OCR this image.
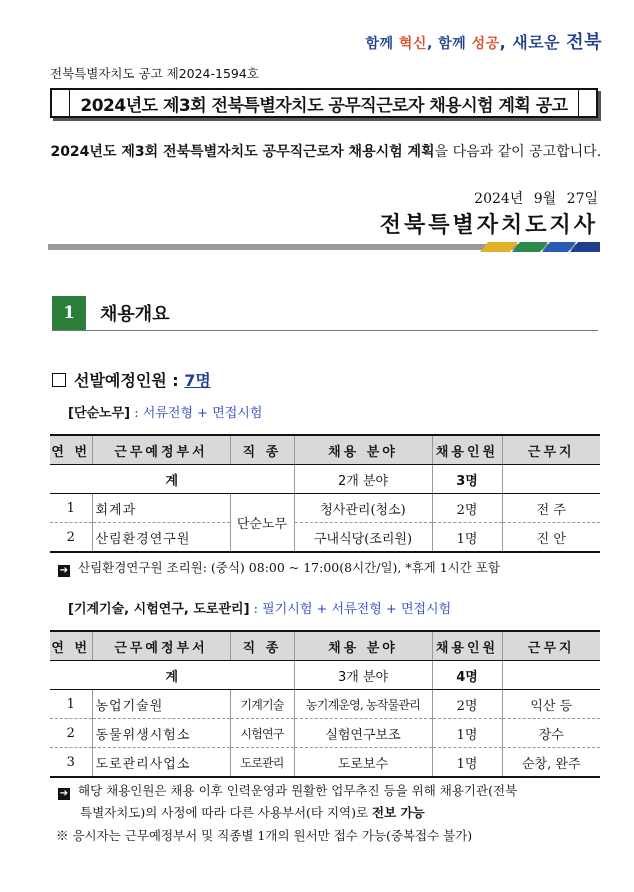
함께 혁신, 함께 성공, 새로운 전북
전북특별자치도 공고 제2024-1594호
2024년도 제3회 전북특별자치도 공무직근로자 채용시험 계획 공고
2024년도 제3회 전북특별자치도 공무직근로자 채용시험 계획을 다음과 같이 공고합니다.
2024년 9월 27일
전북특별자치도지사
1	채용개요
선발예정인원 : 7명
[단순노무] : 서류전형 + 면접시험
연 번	근무예정부서	직 종	채용 분야	채용인원	근무지
계			2개 분야	3명	
1	회계과	단순노무	청사관리(청소)	2명	전 주
2	산림환경연구원		구내식당(조리원)	1명	진 안
➔ 산림환경연구원 조리원: (중식) 08:00 ~ 17:00(8시간/일), *휴게 1시간 포함
[기계기술, 시험연구, 도로관리] : 필기시험 + 서류전형 + 면접시험
연 번	근무예정부서	직 종	채용 분야	채용인원	근무지
계			3개 분야	4명	
1	농업기술원	기계기술	농기계운영, 농작물관리	2명	익산 등
2	동물위생시험소	시험연구	실험연구보조	1명	장수
3	도로관리사업소	도로관리	도로보수	1명	순창, 완주
➔ 해당 채용인원은 채용 이후 인력운영과 원활한 업무추진 등을 위해 채용기관(전북
특별자치도)의 사정에 따라 다른 사용부서(타 지역)로 전보 가능
※ 응시자는 근무예정부서 및 직종별 1개의 원서만 접수 가능(중복접수 불가)
